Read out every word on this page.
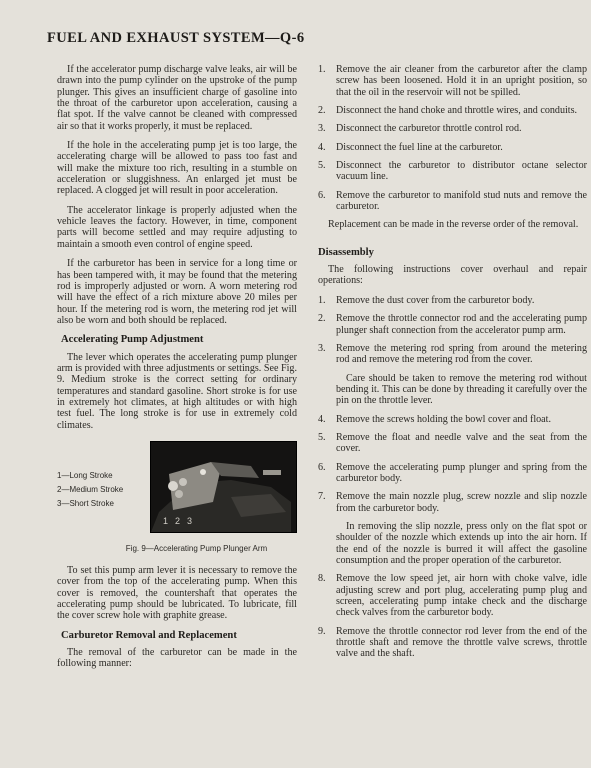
FUEL AND EXHAUST SYSTEM—Q-6

If the accelerator pump discharge valve leaks, air will be drawn into the pump cylinder on the upstroke of the pump plunger. This gives an insufficient charge of gasoline into the throat of the carburetor upon acceleration, causing a flat spot. If the valve cannot be cleaned with compressed air so that it works properly, it must be replaced.

If the hole in the accelerating pump jet is too large, the accelerating charge will be allowed to pass too fast and will make the mixture too rich, resulting in a stumble on acceleration or sluggishness. An enlarged jet must be replaced. A clogged jet will result in poor acceleration.

The accelerator linkage is properly adjusted when the vehicle leaves the factory. However, in time, component parts will become settled and may require adjusting to maintain a smooth even control of engine speed.

If the carburetor has been in service for a long time or has been tampered with, it may be found that the metering rod is improperly adjusted or worn. A worn metering rod will have the effect of a rich mixture above 20 miles per hour. If the metering rod is worn, the metering rod jet will also be worn and both should be replaced.

Accelerating Pump Adjustment

The lever which operates the accelerating pump plunger arm is provided with three adjustments or settings. See Fig. 9. Medium stroke is the correct setting for ordinary temperatures and standard gasoline. Short stroke is for use in extremely hot climates, at high altitudes or with high test fuel. The long stroke is for use in extremely cold climates.

1—Long Stroke
2—Medium Stroke
3—Short Stroke
1 2 3
Fig. 9—Accelerating Pump Plunger Arm

To set this pump arm lever it is necessary to remove the cover from the top of the accelerating pump. When this cover is removed, the countershaft that operates the accelerating pump should be lubricated. To lubricate, fill the cover screw hole with graphite grease.

Carburetor Removal and Replacement

The removal of the carburetor can be made in the following manner:

1. Remove the air cleaner from the carburetor after the clamp screw has been loosened. Hold it in an upright position, so that the oil in the reservoir will not be spilled.
2. Disconnect the hand choke and throttle wires, and conduits.
3. Disconnect the carburetor throttle control rod.
4. Disconnect the fuel line at the carburetor.
5. Disconnect the carburetor to distributor octane selector vacuum line.
6. Remove the carburetor to manifold stud nuts and remove the carburetor.

Replacement can be made in the reverse order of the removal.

Disassembly

The following instructions cover overhaul and repair operations:

1. Remove the dust cover from the carburetor body.
2. Remove the throttle connector rod and the accelerating pump plunger shaft connection from the accelerator pump arm.
3. Remove the metering rod spring from around the metering rod and remove the metering rod from the cover.

Care should be taken to remove the metering rod without bending it. This can be done by threading it carefully over the pin on the throttle lever.

4. Remove the screws holding the bowl cover and float.
5. Remove the float and needle valve and the seat from the cover.
6. Remove the accelerating pump plunger and spring from the carburetor body.
7. Remove the main nozzle plug, screw nozzle and slip nozzle from the carburetor body.

In removing the slip nozzle, press only on the flat spot or shoulder of the nozzle which extends up into the air horn. If the end of the nozzle is burred it will affect the gasoline consumption and the proper operation of the carburetor.

8. Remove the low speed jet, air horn with choke valve, idle adjusting screw and port plug, accelerating pump plug and screen, accelerating pump intake check and the discharge check valves from the carburetor body.
9. Remove the throttle connector rod lever from the end of the throttle shaft and remove the throttle valve screws, throttle valve and the shaft.
